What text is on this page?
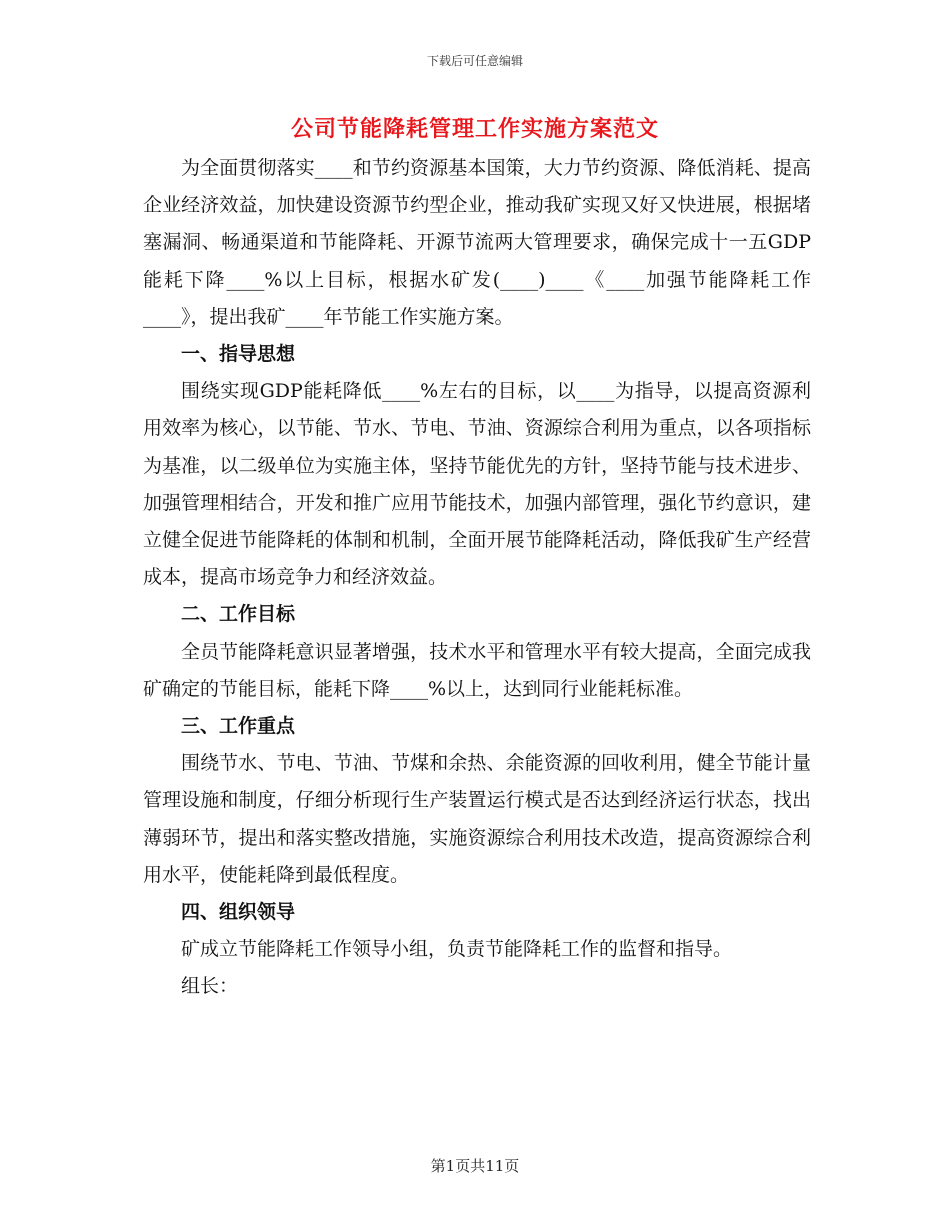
下载后可任意编辑
公司节能降耗管理工作实施方案范文

为全面贯彻落实____和节约资源基本国策，大力节约资源、降低消耗、提高企业经济效益，加快建设资源节约型企业，推动我矿实现又好又快进展，根据堵塞漏洞、畅通渠道和节能降耗、开源节流两大管理要求，确保完成十一五GDP能耗下降____%以上目标，根据水矿发(____)____《____加强节能降耗工作____》，提出我矿____年节能工作实施方案。

一、指导思想

围绕实现GDP能耗降低____%左右的目标，以____为指导，以提高资源利用效率为核心，以节能、节水、节电、节油、资源综合利用为重点，以各项指标为基准，以二级单位为实施主体，坚持节能优先的方针，坚持节能与技术进步、加强管理相结合，开发和推广应用节能技术，加强内部管理，强化节约意识，建立健全促进节能降耗的体制和机制，全面开展节能降耗活动，降低我矿生产经营成本，提高市场竞争力和经济效益。

二、工作目标

全员节能降耗意识显著增强，技术水平和管理水平有较大提高，全面完成我矿确定的节能目标，能耗下降____%以上，达到同行业能耗标准。

三、工作重点

围绕节水、节电、节油、节煤和余热、余能资源的回收利用，健全节能计量管理设施和制度，仔细分析现行生产装置运行模式是否达到经济运行状态，找出薄弱环节，提出和落实整改措施，实施资源综合利用技术改造，提高资源综合利用水平，使能耗降到最低程度。

四、组织领导

矿成立节能降耗工作领导小组，负责节能降耗工作的监督和指导。

组长：

第1页共11页
